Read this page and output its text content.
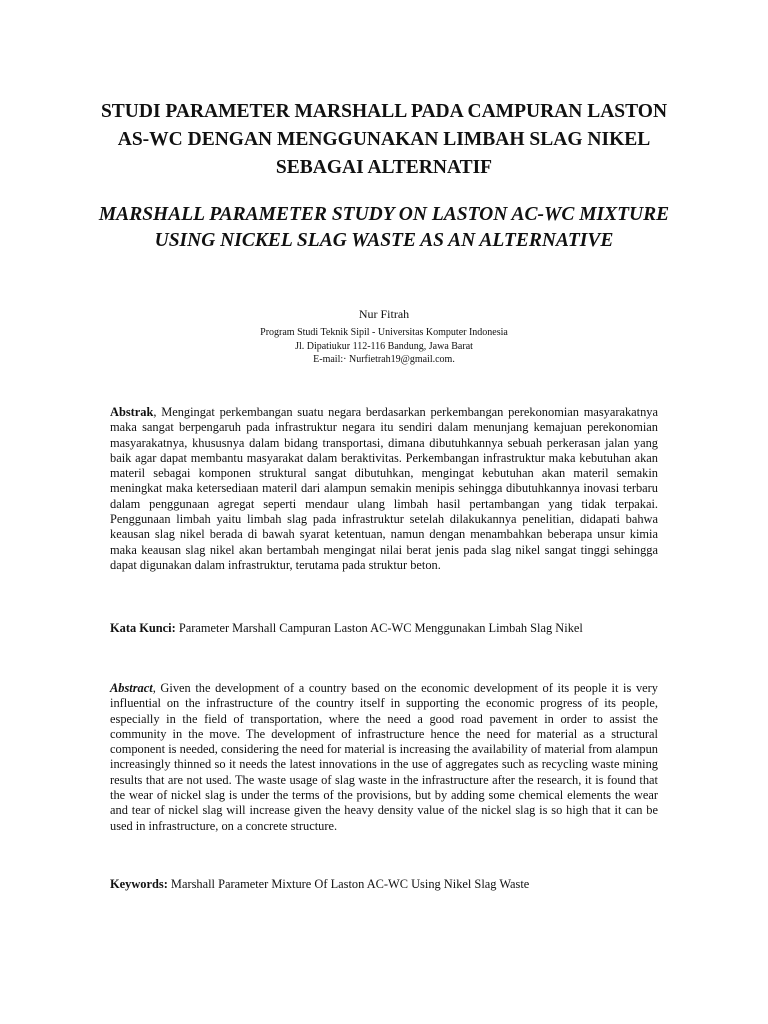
STUDI PARAMETER MARSHALL PADA CAMPURAN LASTON AS-WC DENGAN MENGGUNAKAN LIMBAH SLAG NIKEL SEBAGAI ALTERNATIF
MARSHALL PARAMETER STUDY ON LASTON AC-WC MIXTURE USING NICKEL SLAG WASTE AS AN ALTERNATIVE

Nur Fitrah

Program Studi Teknik Sipil - Universitas Komputer Indonesia

Jl. Dipatiukur 112-116 Bandung, Jawa Barat

E-mail:· Nurfietrah19@gmail.com.

Abstrak, Mengingat perkembangan suatu negara berdasarkan perkembangan perekonomian masyarakatnya maka sangat berpengaruh pada infrastruktur negara itu sendiri dalam menunjang kemajuan perekonomian masyarakatnya, khususnya dalam bidang transportasi, dimana dibutuhkannya sebuah perkerasan jalan yang baik agar dapat membantu masyarakat dalam beraktivitas. Perkembangan infrastruktur maka kebutuhan akan materil sebagai komponen struktural sangat dibutuhkan, mengingat kebutuhan akan materil semakin meningkat maka ketersediaan materil dari alampun semakin menipis sehingga dibutuhkannya inovasi terbaru dalam penggunaan agregat seperti mendaur ulang limbah hasil pertambangan yang tidak terpakai. Penggunaan limbah yaitu limbah slag pada infrastruktur setelah dilakukannya penelitian, didapati bahwa keausan slag nikel berada di bawah syarat ketentuan, namun dengan menambahkan beberapa unsur kimia maka keausan slag nikel akan bertambah mengingat nilai berat jenis pada slag nikel sangat tinggi sehingga dapat digunakan dalam infrastruktur, terutama pada struktur beton.

Kata Kunci: Parameter Marshall Campuran Laston AC-WC Menggunakan Limbah Slag Nikel

Abstract, Given the development of a country based on the economic development of its people it is very influential on the infrastructure of the country itself in supporting the economic progress of its people, especially in the field of transportation, where the need a good road pavement in order to assist the community in the move. The development of infrastructure hence the need for material as a structural component is needed, considering the need for material is increasing the availability of material from alampun increasingly thinned so it needs the latest innovations in the use of aggregates such as recycling waste mining results that are not used. The waste usage of slag waste in the infrastructure after the research, it is found that the wear of nickel slag is under the terms of the provisions, but by adding some chemical elements the wear and tear of nickel slag will increase given the heavy density value of the nickel slag is so high that it can be used in infrastructure, on a concrete structure.

Keywords: Marshall Parameter Mixture Of Laston AC-WC Using Nikel Slag Waste
